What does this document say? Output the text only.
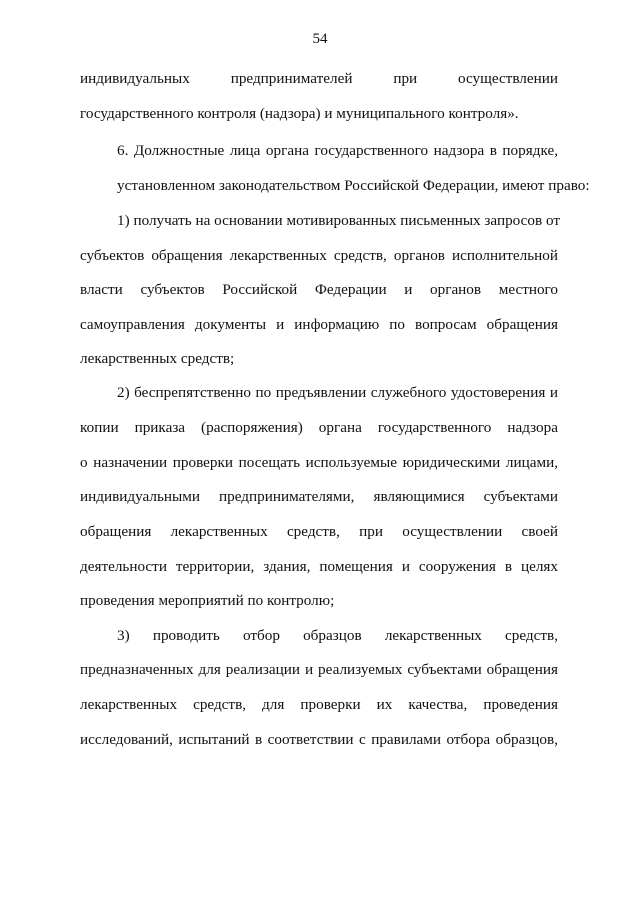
54
индивидуальных предпринимателей при осуществлении
государственного контроля (надзора) и муниципального контроля».
6. Должностные лица органа государственного надзора в порядке,
установленном законодательством Российской Федерации, имеют право:
1) получать на основании мотивированных письменных запросов от
субъектов обращения лекарственных средств, органов исполнительной
власти субъектов Российской Федерации и органов местного
самоуправления документы и информацию по вопросам обращения
лекарственных средств;
2) беспрепятственно по предъявлении служебного удостоверения и
копии приказа (распоряжения) органа государственного надзора
о назначении проверки посещать используемые юридическими лицами,
индивидуальными предпринимателями, являющимися субъектами
обращения лекарственных средств, при осуществлении своей
деятельности территории, здания, помещения и сооружения в целях
проведения мероприятий по контролю;
3) проводить отбор образцов лекарственных средств,
предназначенных для реализации и реализуемых субъектами обращения
лекарственных средств, для проверки их качества, проведения
исследований, испытаний в соответствии с правилами отбора образцов,
